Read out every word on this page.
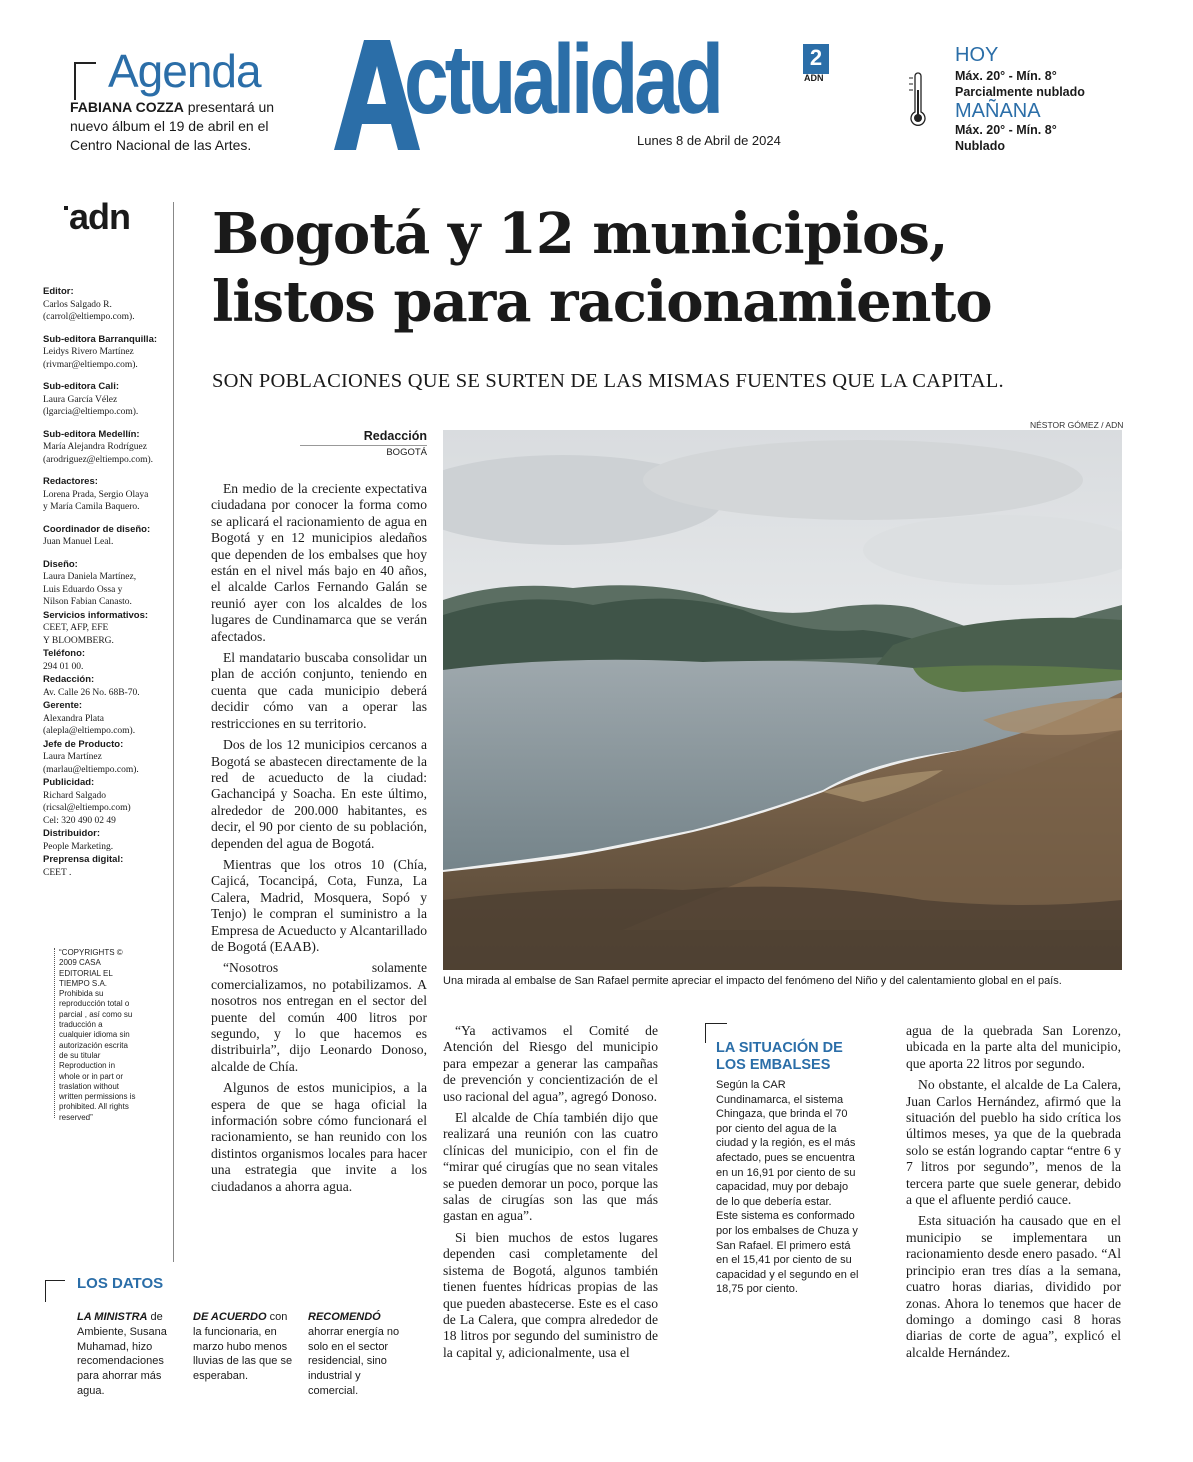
Agenda
FABIANA COZZA presentará un nuevo álbum el 19 de abril en el Centro Nacional de las Artes.
ctualidad	2
ADN
Lunes 8 de Abril de 2024
HOY
Máx. 20° - Mín. 8°
Parcialmente nublado
MAÑANA
Máx. 20° - Mín. 8°
Nublado
adn
Editor:
Carlos Salgado R.
(carrol@eltiempo.com).
Sub-editora Barranquilla:
Leidys Rivero Martínez
(rivmar@eltiempo.com).
Sub-editora Cali:
Laura García Vélez
(lgarcia@eltiempo.com).
Sub-editora Medellín:
María Alejandra Rodríguez
(arodriguez@eltiempo.com).
Redactores:
Lorena Prada, Sergio Olaya
y María Camila Baquero.
Coordinador de diseño:
Juan Manuel Leal.
Diseño:
Laura Daniela Martínez,
Luis Eduardo Ossa y
Nilson Fabian Canasto.
Servicios informativos:
CEET, AFP, EFE
Y BLOOMBERG.
Teléfono:
294 01 00.
Redacción:
Av. Calle 26 No. 68B-70.
Gerente:
Alexandra Plata
(alepla@eltiempo.com).
Jefe de Producto:
Laura Martínez
(marlau@eltiempo.com).
Publicidad:
Richard Salgado
(ricsal@eltiempo.com)
Cel: 320 490 02 49
Distribuidor:
People Marketing.
Preprensa digital:
CEET .
“COPYRIGHTS © 2009 CASA EDITORIAL EL TIEMPO S.A. Prohibida su reproducción total o parcial , así como su traducción a cualquier idioma sin autorización escrita de su titular Reproduction in whole or in part or traslation without written permissions is prohibited. All rights reserved”
Bogotá y 12 municipios,
listos para racionamiento
SON POBLACIONES QUE SE SURTEN DE LAS MISMAS FUENTES QUE LA CAPITAL.
NÉSTOR GÓMEZ / ADN
Redacción
BOGOTÁ
Una mirada al embalse de San Rafael permite apreciar el impacto del fenómeno del Niño y del calentamiento global en el país.

En medio de la creciente expectativa ciudadana por conocer la forma como se aplicará el racionamiento de agua en Bogotá y en 12 municipios aledaños que dependen de los embalses que hoy están en el nivel más bajo en 40 años, el alcalde Carlos Fernando Galán se reunió ayer con los alcaldes de los lugares de Cundinamarca que se verán afectados.

El mandatario buscaba consolidar un plan de acción conjunto, teniendo en cuenta que cada municipio deberá decidir cómo van a operar las restricciones en su territorio.

Dos de los 12 municipios cercanos a Bogotá se abastecen directamente de la red de acueducto de la ciudad: Gachancipá y Soacha. En este último, alrededor de 200.000 habitantes, es decir, el 90 por ciento de su población, dependen del agua de Bogotá.

Mientras que los otros 10 (Chía, Cajicá, Tocancipá, Cota, Funza, La Calera, Madrid, Mosquera, Sopó y Tenjo) le compran el suministro a la Empresa de Acueducto y Alcantarillado de Bogotá (EAAB).

“Nosotros solamente comercializamos, no potabilizamos. A nosotros nos entregan en el sector del puente del común 400 litros por segundo, y lo que hacemos es distribuirla”, dijo Leonardo Donoso, alcalde de Chía.

Algunos de estos municipios, a la espera de que se haga oficial la información sobre cómo funcionará el racionamiento, se han reunido con los distintos organismos locales para hacer una estrategia que invite a los ciudadanos a ahorra agua.

“Ya activamos el Comité de Atención del Riesgo del municipio para empezar a generar las campañas de prevención y concientización de el uso racional del agua”, agregó Donoso.

El alcalde de Chía también dijo que realizará una reunión con las cuatro clínicas del municipio, con el fin de “mirar qué cirugías que no sean vitales se pueden demorar un poco, porque las salas de cirugías son las que más gastan en agua”.

Si bien muchos de estos lugares dependen casi completamente del sistema de Bogotá, algunos también tienen fuentes hídricas propias de las que pueden abastecerse. Este es el caso de La Calera, que compra alrededor de 18 litros por segundo del suministro de la capital y, adicionalmente, usa el

agua de la quebrada San Lorenzo, ubicada en la parte alta del municipio, que aporta 22 litros por segundo.

No obstante, el alcalde de La Calera, Juan Carlos Hernández, afirmó que la situación del pueblo ha sido crítica los últimos meses, ya que de la quebrada solo se están logrando captar “entre 6 y 7 litros por segundo”, menos de la tercera parte que suele generar, debido a que el afluente perdió cauce.

Esta situación ha causado que en el municipio se implementara un racionamiento desde enero pasado. “Al principio eran tres días a la semana, cuatro horas diarias, dividido por zonas. Ahora lo tenemos que hacer de domingo a domingo casi 8 horas diarias de corte de agua”, explicó el alcalde Hernández.

LA SITUACIÓN DE LOS EMBALSES
Según la CAR Cundinamarca, el sistema Chingaza, que brinda el 70 por ciento del agua de la ciudad y la región, es el más afectado, pues se encuentra en un 16,91 por ciento de su capacidad, muy por debajo de lo que debería estar.
Este sistema es conformado por los embalses de Chuza y San Rafael. El primero está en el 15,41 por ciento de su capacidad y el segundo en el 18,75 por ciento.
LOS DATOS
LA MINISTRA de Ambiente, Susana Muhamad, hizo recomendaciones para ahorrar más agua.
DE ACUERDO con la funcionaria, en marzo hubo menos lluvias de las que se esperaban.
RECOMENDÓ ahorrar energía no solo en el sector residencial, sino industrial y comercial.
